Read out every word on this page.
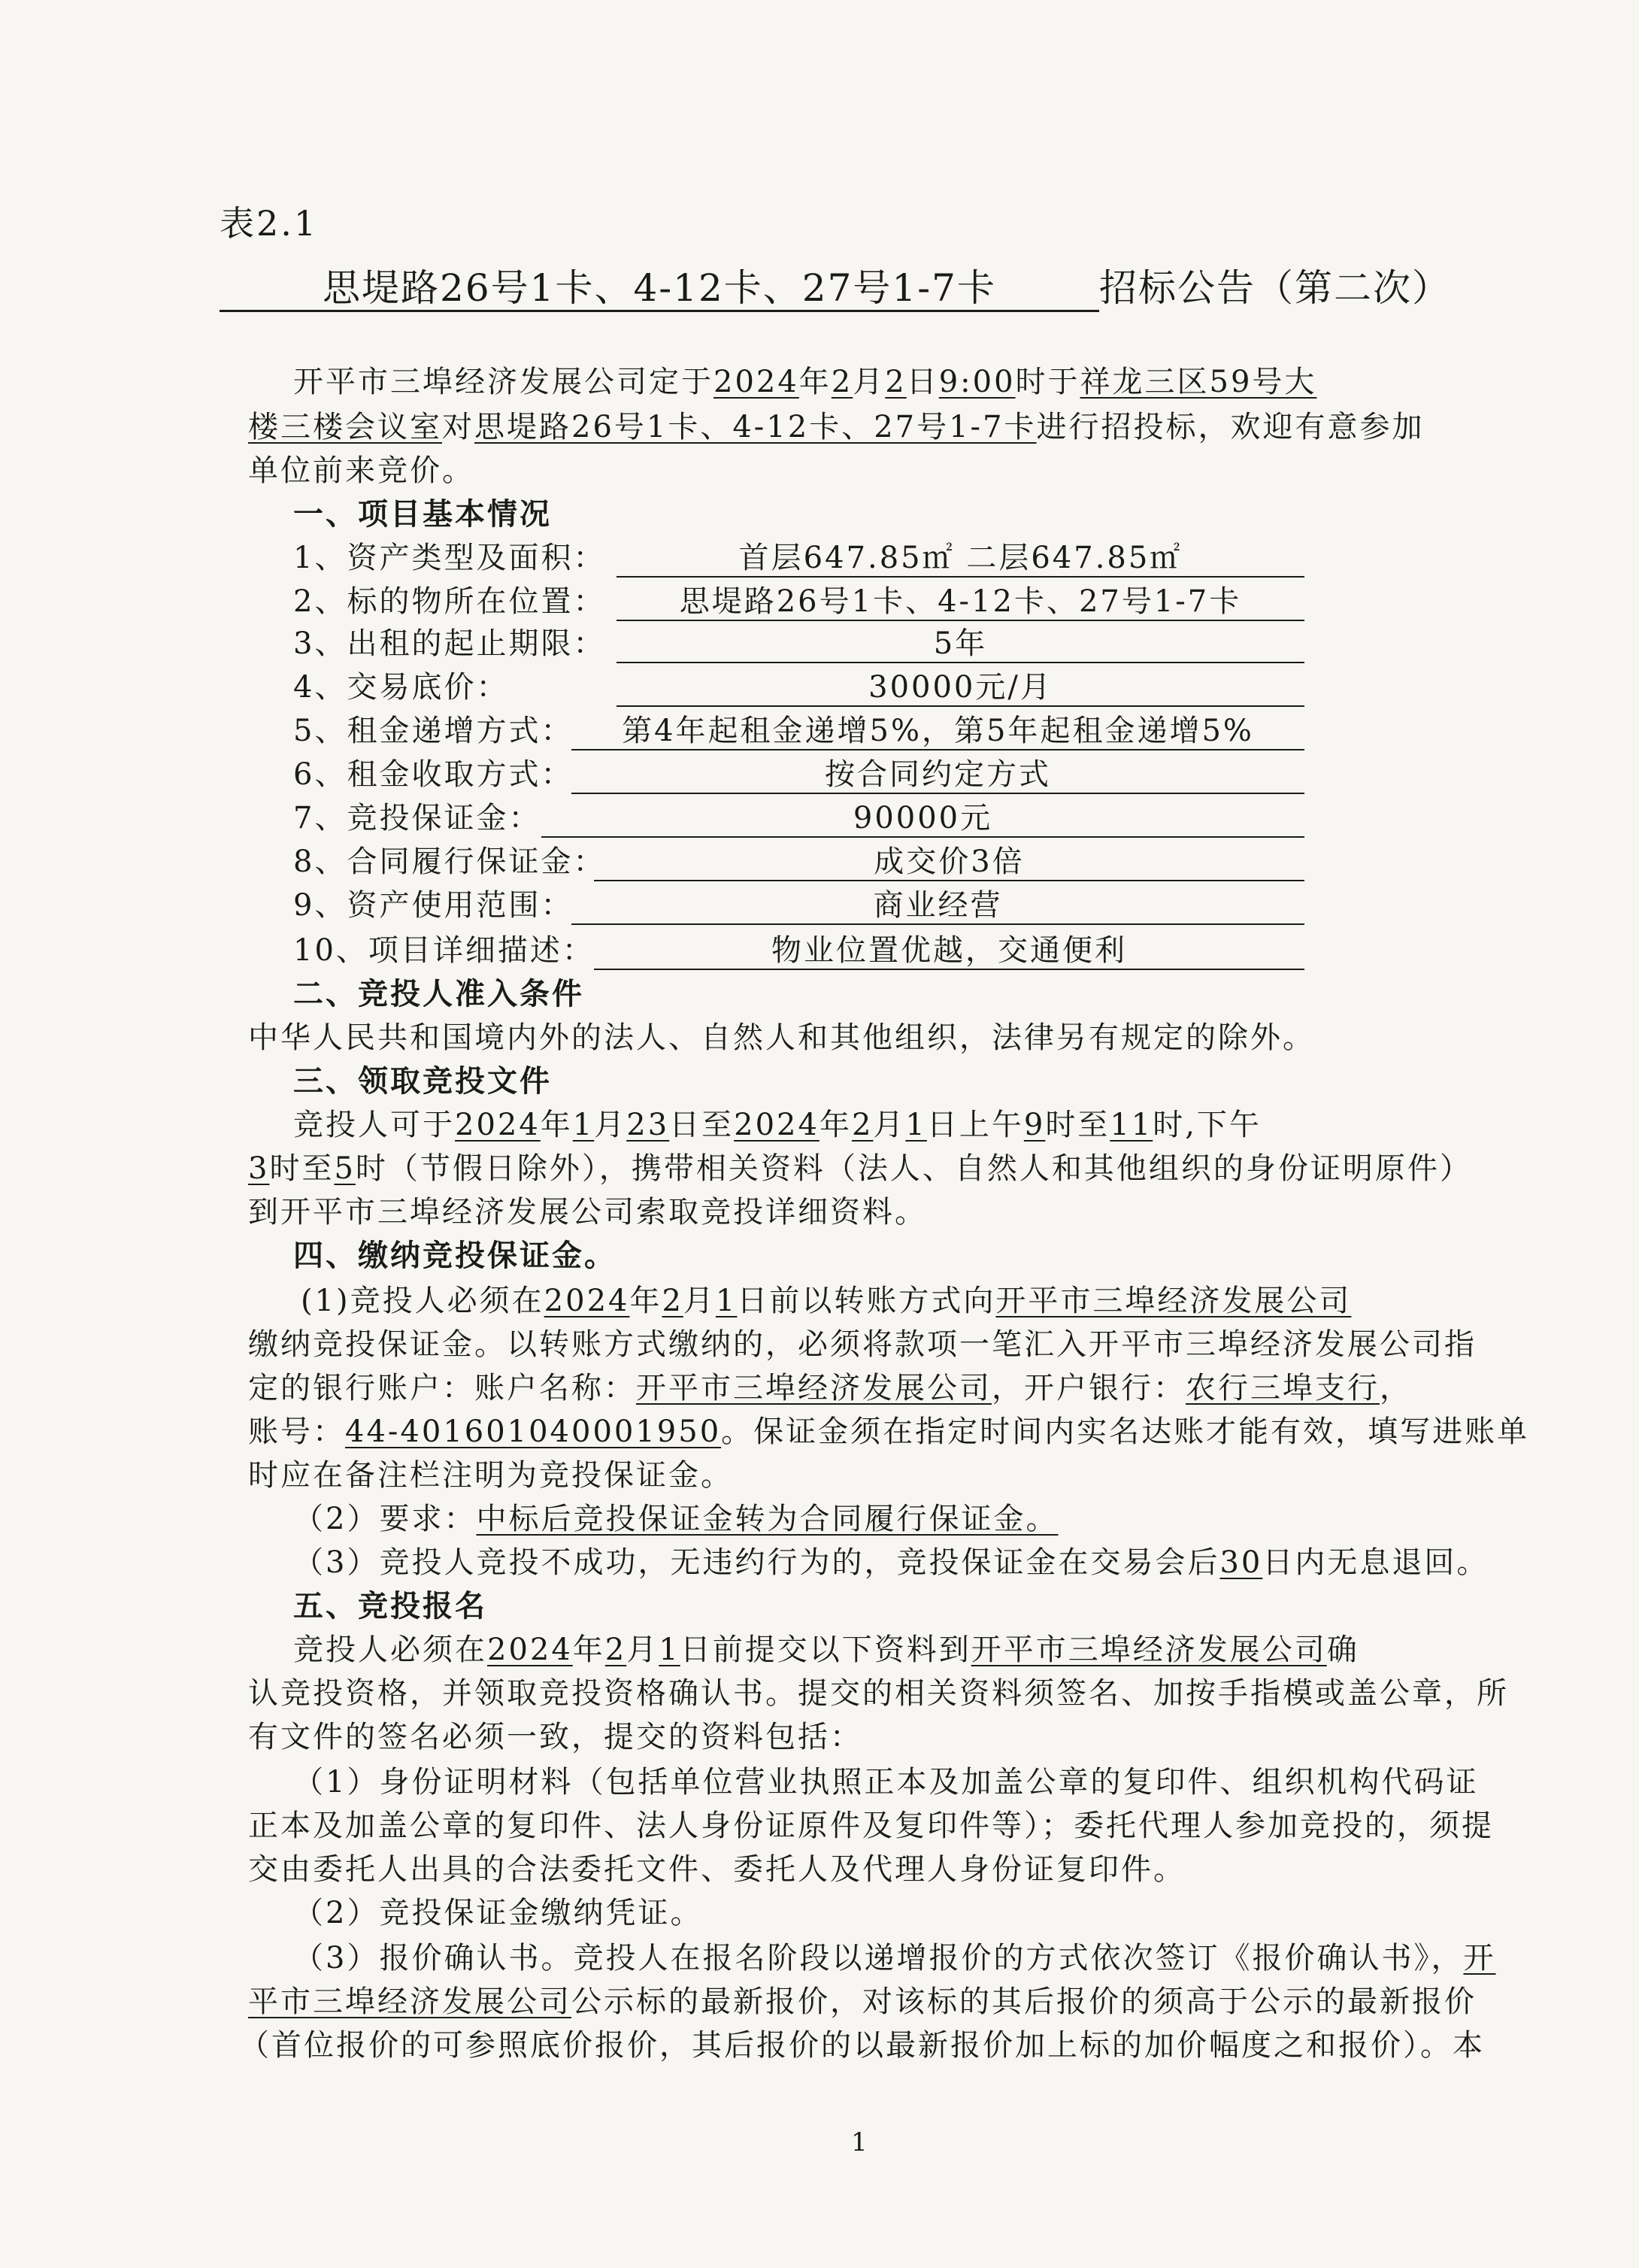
表2.1
思堤路26号1卡、4-12卡、27号1-7卡	招标公告（第二次）
开平市三埠经济发展公司定于2024年2月2日9:00时于祥龙三区59号大
楼三楼会议室对思堤路26号1卡、4-12卡、27号1-7卡进行招投标，欢迎有意参加
单位前来竞价。
一、项目基本情况
1、资产类型及面积：	首层647.85㎡ 二层647.85㎡
2、标的物所在位置： 思堤路26号1卡、4-12卡、27号1-7卡
3、出租的起止期限：	5年
4、交易底价：	30000元/月
5、租金递增方式： 第4年起租金递增5%，第5年起租金递增5%
6、租金收取方式：	按合同约定方式
7、竞投保证金：	90000元
8、合同履行保证金：	成交价3倍
9、资产使用范围：	商业经营
10、项目详细描述：	物业位置优越，交通便利
二、竞投人准入条件
中华人民共和国境内外的法人、自然人和其他组织，法律另有规定的除外。
三、领取竞投文件
竞投人可于2024年1月23日至2024年2月1日上午9时至11时,下午
3时至5时（节假日除外），携带相关资料（法人、自然人和其他组织的身份证明原件）
到开平市三埠经济发展公司索取竞投详细资料。
四、缴纳竞投保证金。
(1)竞投人必须在2024年2月1日前以转账方式向开平市三埠经济发展公司
缴纳竞投保证金。以转账方式缴纳的，必须将款项一笔汇入开平市三埠经济发展公司指
定的银行账户：账户名称：开平市三埠经济发展公司，开户银行：农行三埠支行，
账号：44-401601040001950。保证金须在指定时间内实名达账才能有效，填写进账单
时应在备注栏注明为竞投保证金。
（2）要求：中标后竞投保证金转为合同履行保证金。
（3）竞投人竞投不成功，无违约行为的，竞投保证金在交易会后30日内无息退回。
五、竞投报名
竞投人必须在2024年2月1日前提交以下资料到开平市三埠经济发展公司确
认竞投资格，并领取竞投资格确认书。提交的相关资料须签名、加按手指模或盖公章，所
有文件的签名必须一致，提交的资料包括：
（1）身份证明材料（包括单位营业执照正本及加盖公章的复印件、组织机构代码证
正本及加盖公章的复印件、法人身份证原件及复印件等）；委托代理人参加竞投的，须提
交由委托人出具的合法委托文件、委托人及代理人身份证复印件。
（2）竞投保证金缴纳凭证。
（3）报价确认书。竞投人在报名阶段以递增报价的方式依次签订《报价确认书》，开
平市三埠经济发展公司公示标的最新报价，对该标的其后报价的须高于公示的最新报价
（首位报价的可参照底价报价，其后报价的以最新报价加上标的加价幅度之和报价）。本
1
